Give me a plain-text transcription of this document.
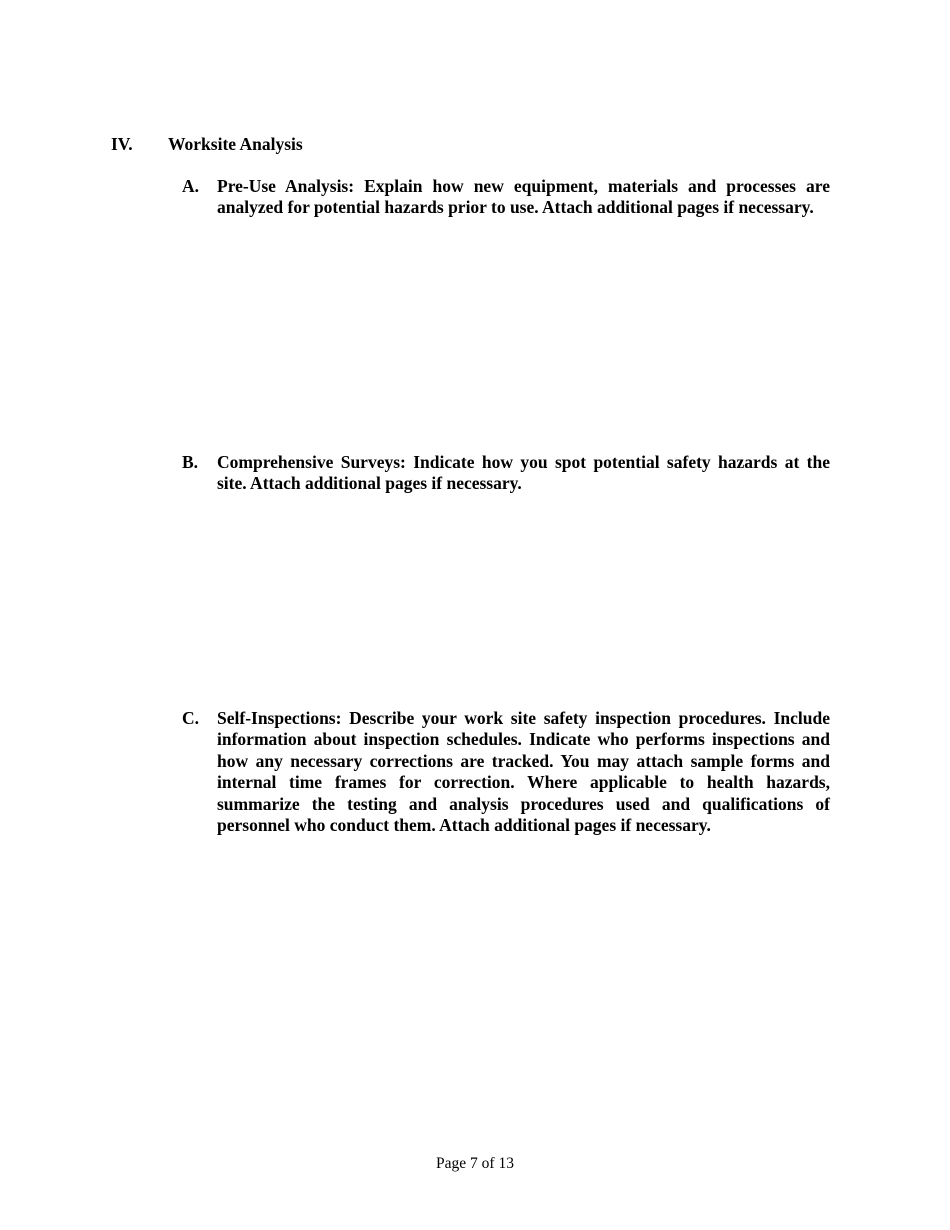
IV. Worksite Analysis
A. Pre-Use Analysis: Explain how new equipment, materials and processes are analyzed for potential hazards prior to use. Attach additional pages if necessary.
B. Comprehensive Surveys: Indicate how you spot potential safety hazards at the site. Attach additional pages if necessary.
C. Self-Inspections: Describe your work site safety inspection procedures. Include information about inspection schedules. Indicate who performs inspections and how any necessary corrections are tracked. You may attach sample forms and internal time frames for correction. Where applicable to health hazards, summarize the testing and analysis procedures used and qualifications of personnel who conduct them. Attach additional pages if necessary.
Page 7 of 13
